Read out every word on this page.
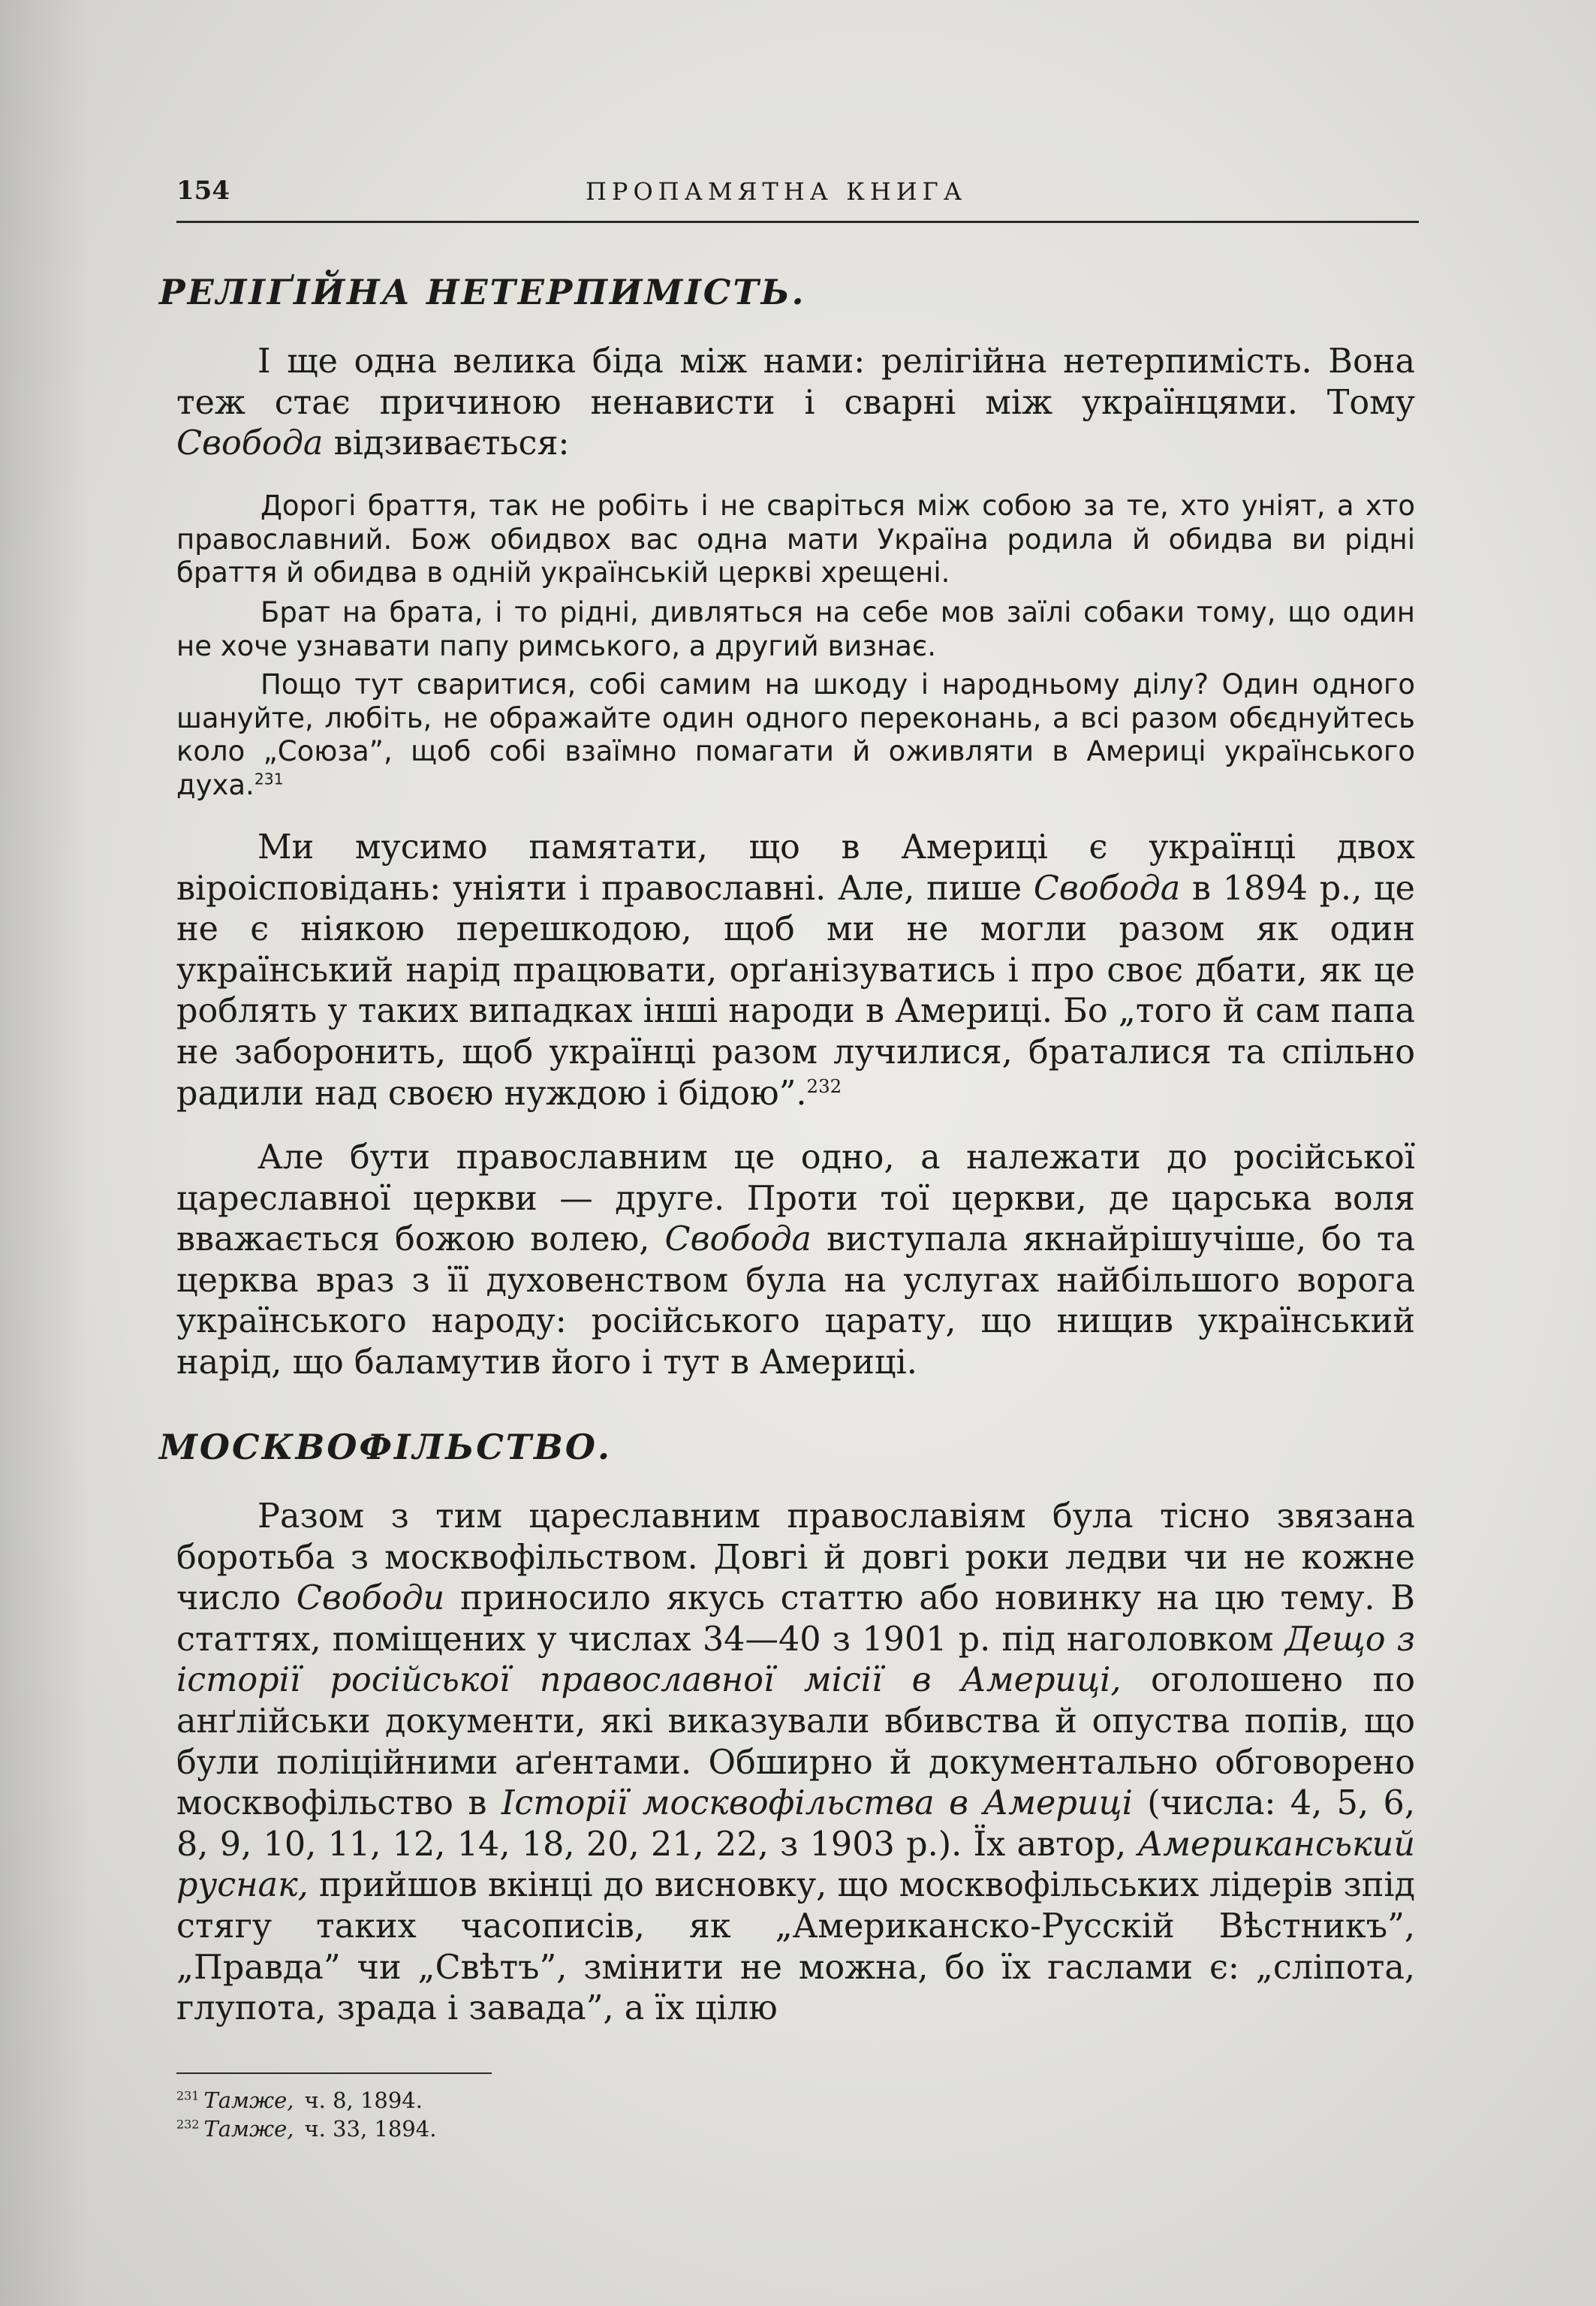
154	ПРОПАМЯТНА КНИГА
РЕЛІҐІЙНА НЕТЕРПИМІСТЬ.

І ще одна велика біда між нами: релігійна нетерпимість. Вона теж стає причиною ненависти і сварні між українцями. Тому Свобода відзивається:

Дорогі браття, так не робіть і не сваріться між собою за те, хто уніят, а хто православний. Бож обидвох вас одна мати Україна родила й обидва ви рідні браття й обидва в одній українській церкві хрещені.

Брат на брата, і то рідні, дивляться на себе мов заїлі собаки тому, що один не хоче узнавати папу римського, а другий визнає.

Пощо тут сваритися, собі самим на шкоду і народньому ділу? Один одного шануйте, любіть, не ображайте один одного переконань, а всі разом обєднуйтесь коло „Союза”, щоб собі взаїмно помагати й оживляти в Америці українського духа.$^{231}$

Ми мусимо памятати, що в Америці є українці двох віроісповідань: уніяти і православні. Але, пише Свобода в 1894 р., це не є ніякою перешкодою, щоб ми не могли разом як один український нарід працювати, орґанізуватись і про своє дбати, як це роблять у таких випадках інші народи в Америці. Бо „того й сам папа не заборонить, щоб українці разом лучилися, браталися та спільно радили над своєю нуждою і бідою”.$^{232}$

Але бути православним це одно, а належати до російської цареславної церкви — друге. Проти тої церкви, де царська воля вважається божою волею, Свобода виступала якнайрішучіше, бо та церква враз з її духовенством була на услугах найбільшого ворога українського народу: російського царату, що нищив український нарід, що баламутив його і тут в Америці.

МОСКВОФІЛЬСТВО.

Разом з тим цареславним православіям була тісно звязана боротьба з москвофільством. Довгі й довгі роки ледви чи не кожне число Свободи приносило якусь статтю або новинку на цю тему. В статтях, поміщених у числах 34—40 з 1901 р. під наголовком Дещо з історії російської православної місії в Америці, оголошено по анґлійськи документи, які виказували вбивства й опуства попів, що були поліційними аґентами. Обширно й документально обговорено москвофільство в Історії москвофільства в Америці (числа: 4, 5, 6, 8, 9, 10, 11, 12, 14, 18, 20, 21, 22, з 1903 р.). Їх автор, Американський руснак, прийшов вкінці до висновку, що москвофільських лідерів зпід стягу таких часописів, як „Американско-Русскій Вѣстникъ”, „Правда” чи „Свѣтъ”, змінити не можна, бо їх гаслами є: „сліпота, глупота, зрада і завада”, а їх цілю

$^{231}$ Тамже, ч. 8, 1894.
$^{232}$ Тамже, ч. 33, 1894.
